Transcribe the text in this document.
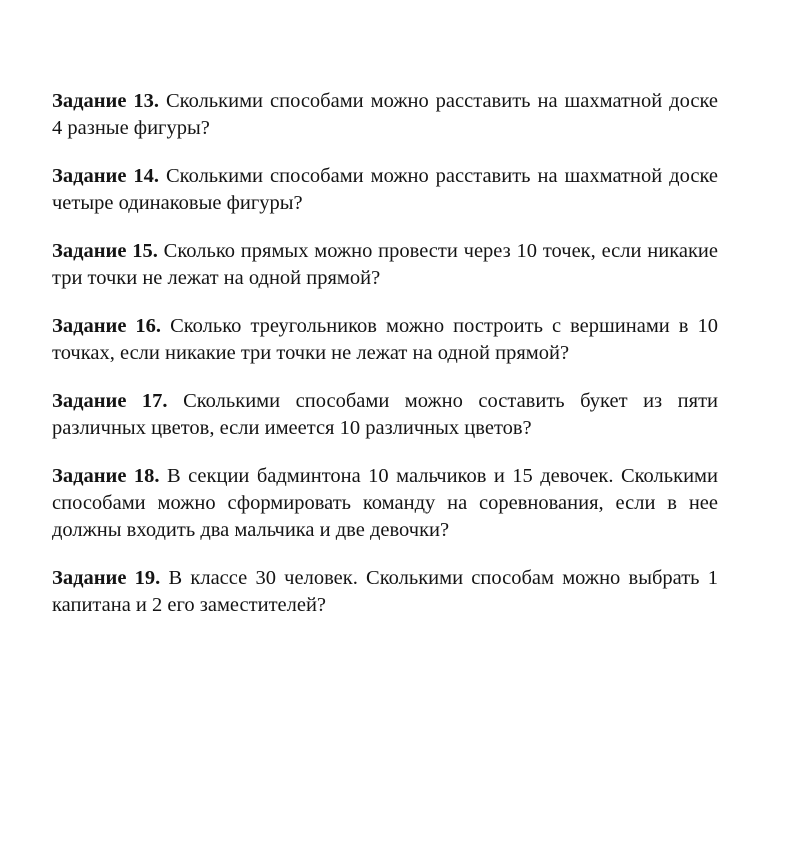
Задание 13. Сколькими способами можно расставить на шахматной доске 4 разные фигуры?

Задание 14. Сколькими способами можно расставить на шахматной доске четыре одинаковые фигуры?

Задание 15. Сколько прямых можно провести через 10 точек, если никакие три точки не лежат на одной прямой?

Задание 16. Сколько треугольников можно построить с вершинами в 10 точках, если никакие три точки не лежат на одной прямой?

Задание 17. Сколькими способами можно составить букет из пяти различных цветов, если имеется 10 различных цветов?

Задание 18. В секции бадминтона 10 мальчиков и 15 девочек. Сколькими способами можно сформировать команду на соревнования, если в нее должны входить два мальчика и две девочки?

Задание 19. В классе 30 человек. Сколькими способам можно выбрать 1 капитана и 2 его заместителей?
